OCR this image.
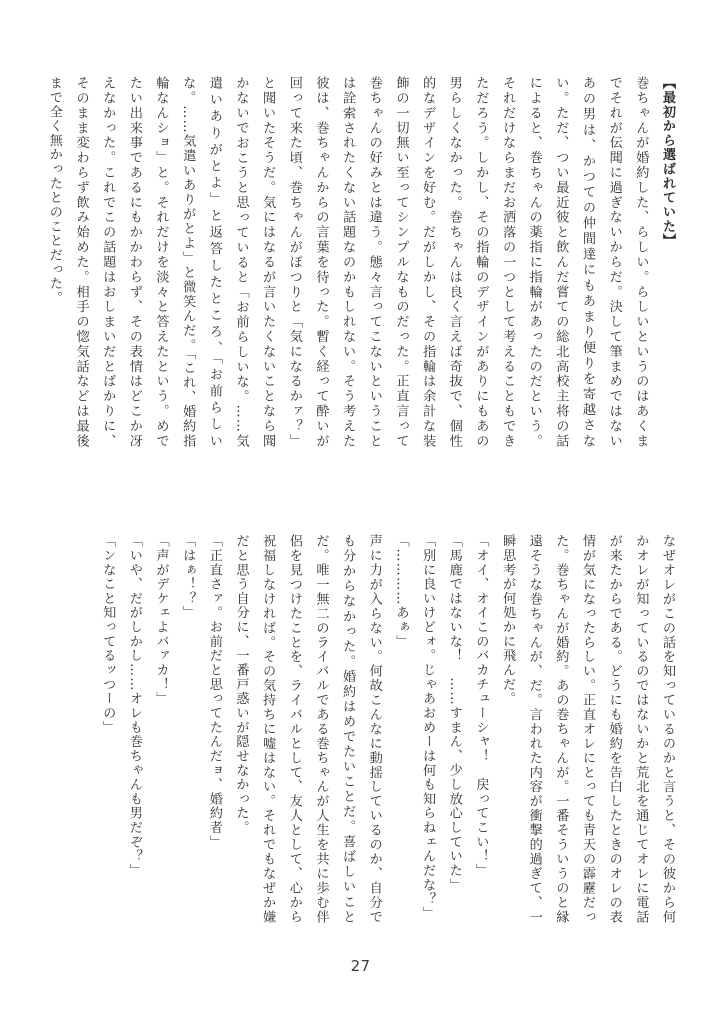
【最初から選ばれていた】

巻ちゃんが婚約した、らしい。らしいというのはあくまでそれが伝聞に過ぎないからだ。決して筆まめではないあの男は、かつての仲間達にもあまり便りを寄越さない。ただ、つい最近彼と飲んだ嘗ての総北高校主将の話によると、巻ちゃんの薬指に指輪があったのだという。それだけならまだお洒落の一つとして考えることもできただろう。しかし、その指輪のデザインがありにもあの男らしくなかった。巻ちゃんは良く言えば奇抜で、個性的なデザインを好む。だがしかし、その指輪は余計な装飾の一切無い至ってシンプルなものだった。正直言って巻ちゃんの好みとは違う。態々言ってこないということは詮索されたくない話題なのかもしれない。そう考えた彼は、巻ちゃんからの言葉を待った。暫く経って酔いが回って来た頃、巻ちゃんがぽつりと「気になるかァ？」と聞いたそうだ。気にはなるが言いたくないことなら聞かないでおこうと思っていると「お前らしいな。……気遣いありがとよ」と返答したところ、「お前らしいな。……気遣いありがとよ」と微笑んだ。「これ、婚約指輪なんショ」と。それだけを淡々と答えたという。めでたい出来事であるにもかかわらず、その表情はどこか冴えなかった。これでこの話題はおしまいだとばかりに、そのまま変わらず飲み始めた。相手の惚気話などは最後まで全く無かったとのことだった。

なぜオレがこの話を知っているのかと言うと、その彼から何かオレが知っているのではないかと荒北を通じてオレに電話が来たからである。どうにも婚約を告白したときのオレの表情が気になったらしい。正直オレにとっても青天の霹靂だった。巻ちゃんが婚約。あの巻ちゃんが。一番そういうのと縁遠そうな巻ちゃんが、だ。言われた内容が衝撃的過ぎて、一瞬思考が何処かに飛んだ。

「オイ、オイこのバカチューシャ！　戻ってこい！」

「馬鹿ではないな！　……すまん、少し放心していた」

「別に良いけどォ。じゃあおめーは何も知らねェんだな？」

「…………あぁ」

声に力が入らない。何故こんなに動揺しているのか、自分でも分からなかった。婚約はめでたいことだ。喜ばしいことだ。唯一無二のライバルである巻ちゃんが人生を共に歩む伴侶を見つけたことを、ライバルとして、友人として、心から祝福しなければ。その気持ちに嘘はない。それでもなぜか嫌だと思う自分に、一番戸惑いが隠せなかった。

「正直さァ。お前だと思ってたんだョ、婚約者」

「はぁ！？」

「声がデケェよバァカ！」

「いや、だがしかし……オレも巻ちゃんも男だぞ？」

「ンなこと知ってるッつーの」

27
